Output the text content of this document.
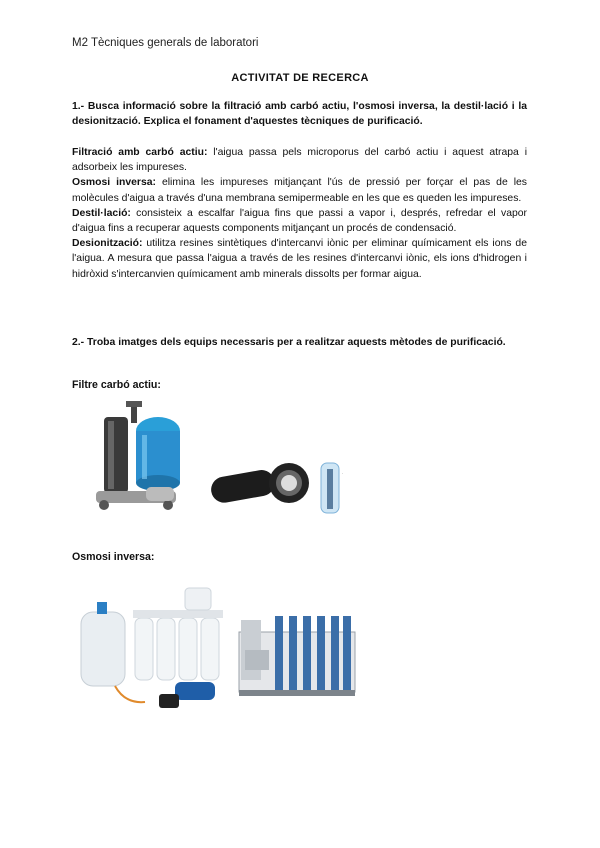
M2 Tècniques generals de laboratori
ACTIVITAT DE RECERCA
1.- Busca informació sobre la filtració amb carbó actiu, l'osmosi inversa, la destil·lació i la desionització. Explica el fonament d'aquestes tècniques de purificació.

Filtració amb carbó actiu: l'aigua passa pels microporus del carbó actiu i aquest atrapa i adsorbeix les impureses.

Osmosi inversa: elimina les impureses mitjançant l'ús de pressió per forçar el pas de les molècules d'aigua a través d'una membrana semipermeable en les que es queden les impureses.

Destil·lació: consisteix a escalfar l'aigua fins que passi a vapor i, després, refredar el vapor d'aigua fins a recuperar aquests components mitjançant un procés de condensació.

Desionització: utilitza resines sintètiques d'intercanvi iònic per eliminar químicament els ions de l'aigua. A mesura que passa l'aigua a través de les resines d'intercanvi iònic, els ions d'hidrogen i hidròxid s'intercanvien químicament amb minerals dissolts per formar aigua.

2.- Troba imatges dels equips necessaris per a realitzar aquests mètodes de purificació.
Filtre carbó actiu:
·
Osmosi inversa:
